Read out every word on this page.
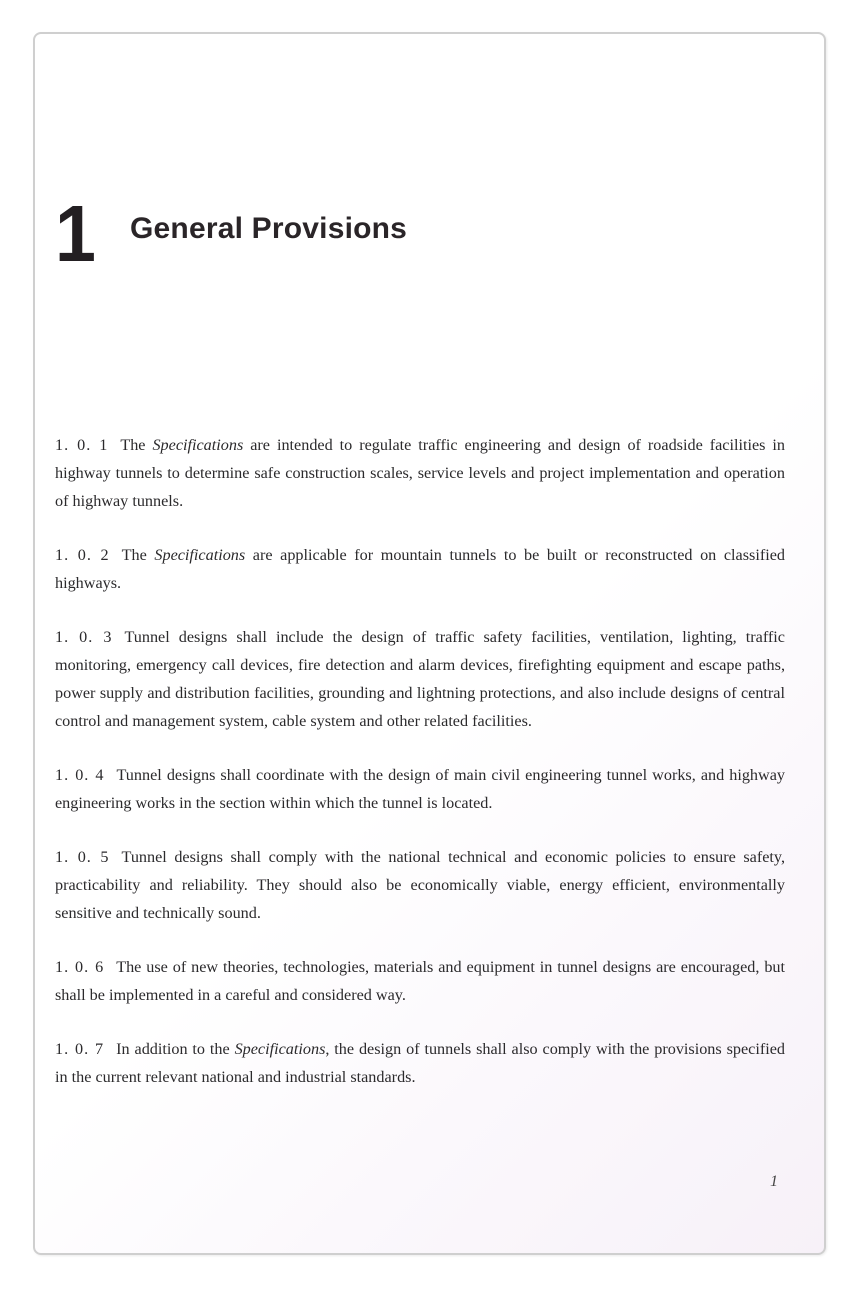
1	General Provisions

1. 0. 1 The Specifications are intended to regulate traffic engineering and design of roadside facilities in highway tunnels to determine safe construction scales, service levels and project implementation and operation of highway tunnels.

1. 0. 2 The Specifications are applicable for mountain tunnels to be built or reconstructed on classified highways.

1. 0. 3 Tunnel designs shall include the design of traffic safety facilities, ventilation, lighting, traffic monitoring, emergency call devices, fire detection and alarm devices, firefighting equipment and escape paths, power supply and distribution facilities, grounding and lightning protections, and also include designs of central control and management system, cable system and other related facilities.

1. 0. 4 Tunnel designs shall coordinate with the design of main civil engineering tunnel works, and highway engineering works in the section within which the tunnel is located.

1. 0. 5 Tunnel designs shall comply with the national technical and economic policies to ensure safety, practicability and reliability. They should also be economically viable, energy efficient, environmentally sensitive and technically sound.

1. 0. 6 The use of new theories, technologies, materials and equipment in tunnel designs are encouraged, but shall be implemented in a careful and considered way.

1. 0. 7 In addition to the Specifications, the design of tunnels shall also comply with the provisions specified in the current relevant national and industrial standards.

1
